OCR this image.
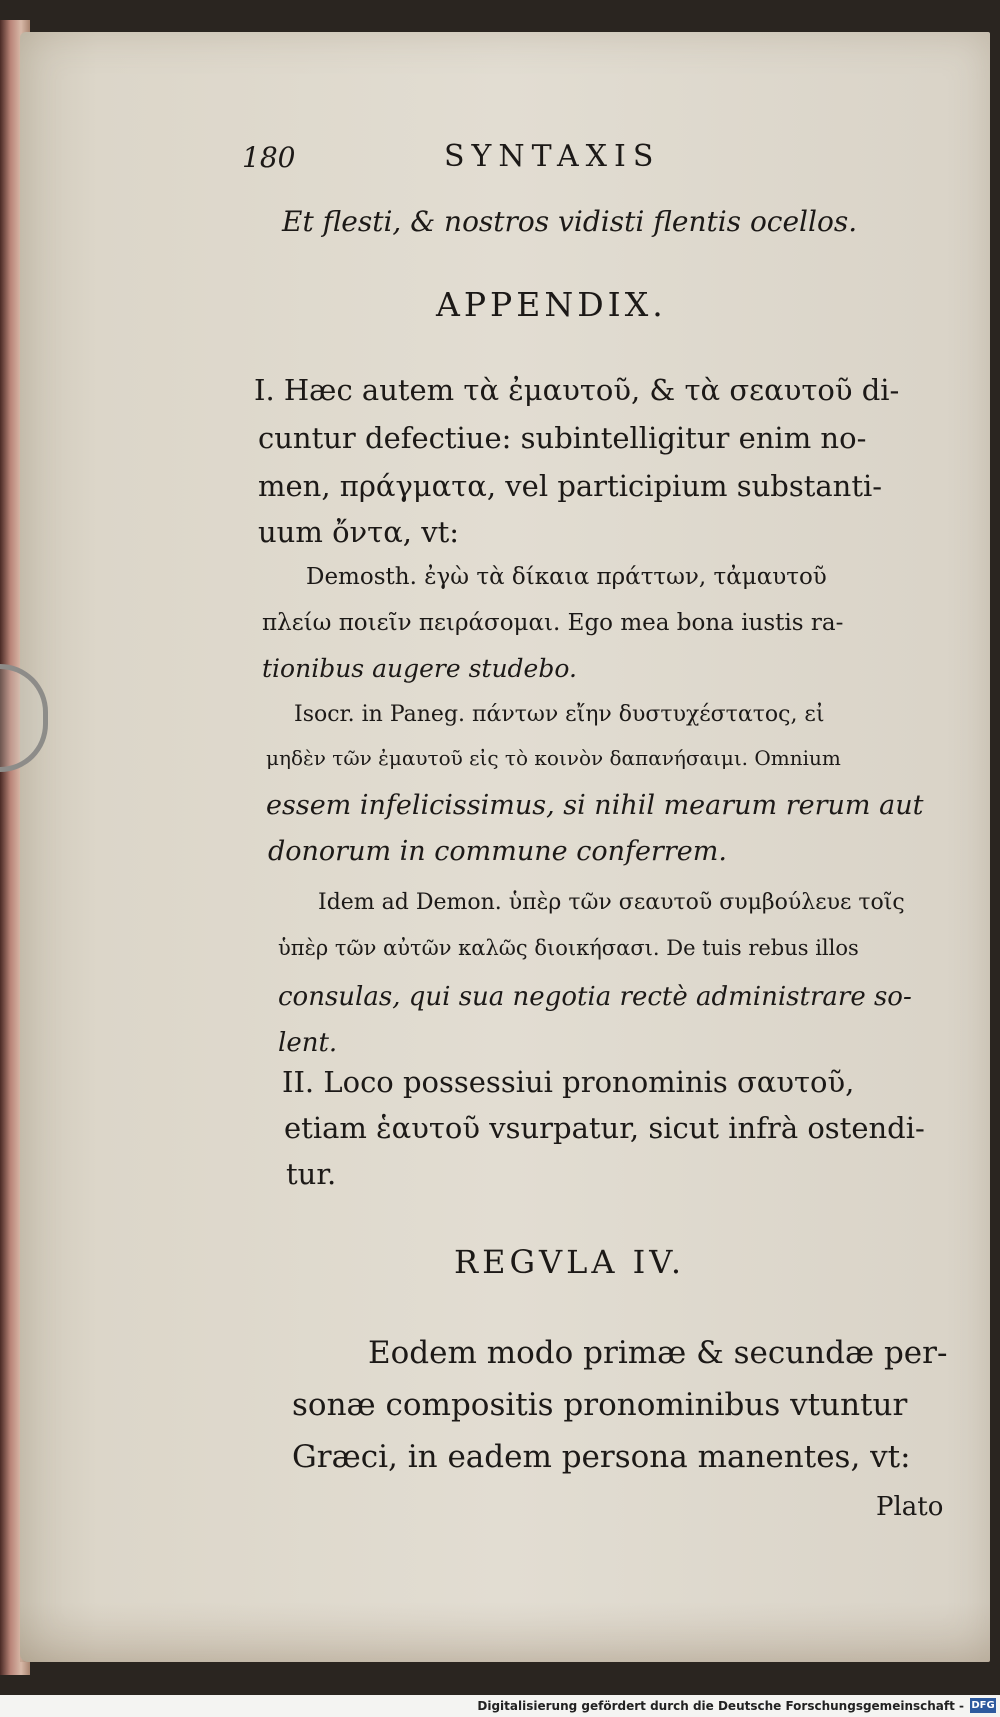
180	SYNTAXIS
Et flesti, & nostros vidisti flentis ocellos.
APPENDIX.
I. Hæc autem τὰ ἐμαυτοῦ, & τὰ σεαυτοῦ di-
cuntur defectiue: subintelligitur enim no-
men, πράγματα, vel participium substanti-
uum ὄντα, vt:
Demosth. ἐγὼ τὰ δίκαια πράττων, τἀμαυτοῦ
πλείω ποιεῖν πειράσομαι. Ego mea bona iustis ra-
tionibus augere studebo.
Isocr. in Paneg. πάντων εἴην δυστυχέστατος, εἰ
μηδὲν τῶν ἐμαυτοῦ εἰς τὸ κοινὸν δαπανήσαιμι. Omnium
essem infelicissimus, si nihil mearum rerum aut
donorum in commune conferrem.
Idem ad Demon. ὑπὲρ τῶν σεαυτοῦ συμβούλευε τοῖς
ὑπὲρ τῶν αὐτῶν καλῶς διοικήσασι. De tuis rebus illos
consulas, qui sua negotia rectè administrare so-
lent.
II. Loco possessiui pronominis σαυτοῦ,
etiam ἑαυτοῦ vsurpatur, sicut infrà ostendi-
tur.
REGVLA IV.
Eodem modo primæ & secundæ per-
sonæ compositis pronominibus vtuntur
Græci, in eadem persona manentes, vt:
Plato
Digitalisierung gefördert durch die Deutsche Forschungsgemeinschaft - DFG
